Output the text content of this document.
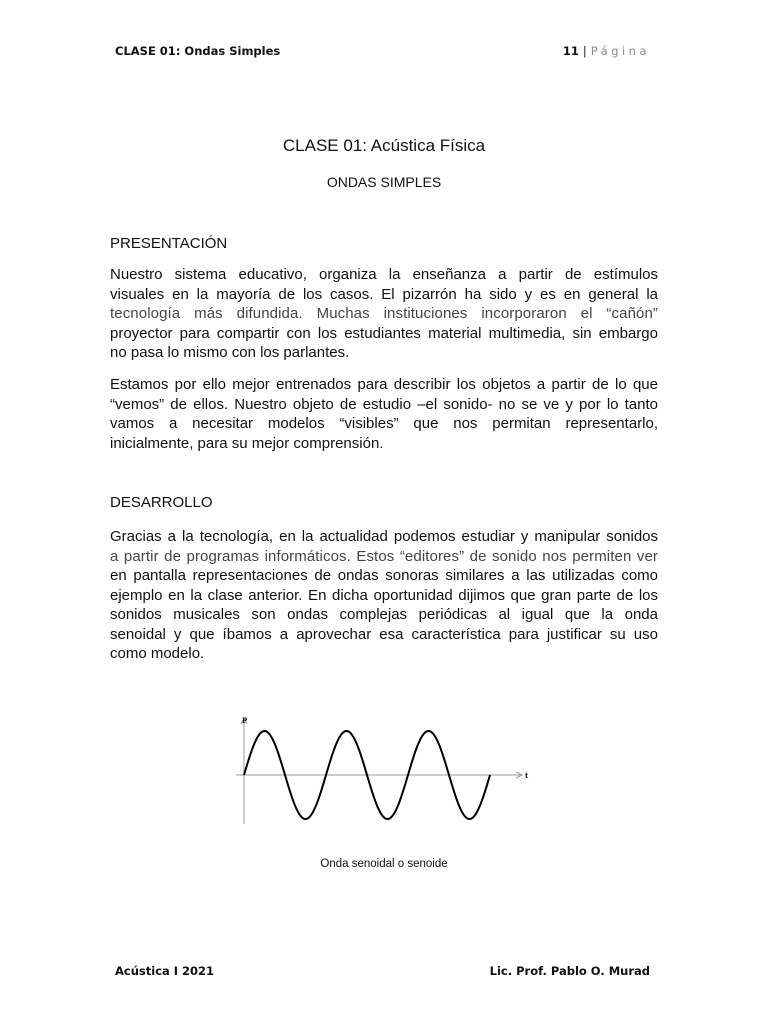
CLASE 01: Ondas Simples	11 | Página
CLASE 01: Acústica Física
ONDAS SIMPLES
PRESENTACIÓN

Nuestro sistema educativo, organiza la enseñanza a partir de estímulos
visuales en la mayoría de los casos. El pizarrón ha sido y es en general la
tecnología más difundida. Muchas instituciones incorporaron el “cañón”
proyector para compartir con los estudiantes material multimedia, sin embargo
no pasa lo mismo con los parlantes.

Estamos por ello mejor entrenados para describir los objetos a partir de lo que
“vemos” de ellos. Nuestro objeto de estudio –el sonido- no se ve y por lo tanto
vamos a necesitar modelos “visibles” que nos permitan representarlo,
inicialmente, para su mejor comprensión.

DESARROLLO

Gracias a la tecnología, en la actualidad podemos estudiar y manipular sonidos
a partir de programas informáticos. Estos “editores” de sonido nos permiten ver
en pantalla representaciones de ondas sonoras similares a las utilizadas como
ejemplo en la clase anterior. En dicha oportunidad dijimos que gran parte de los
sonidos musicales son ondas complejas periódicas al igual que la onda
senoidal y que íbamos a aprovechar esa característica para justificar su uso
como modelo.

P
t
Onda senoidal o senoide
Acústica I 2021	Lic. Prof. Pablo O. Murad
